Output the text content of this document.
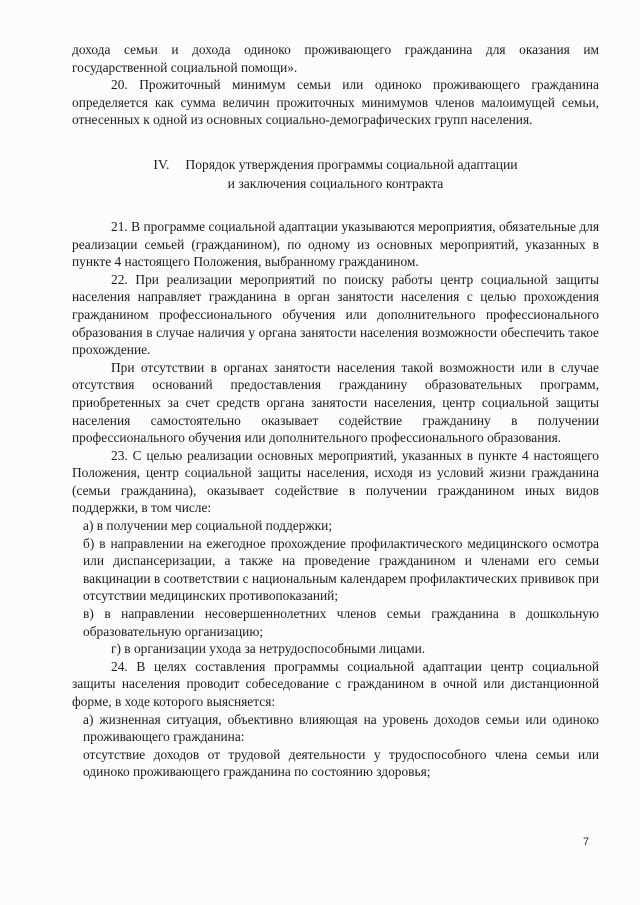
дохода семьи и дохода одиноко проживающего гражданина для оказания им государственной социальной помощи».

20. Прожиточный минимум семьи или одиноко проживающего гражданина определяется как сумма величин прожиточных минимумов членов малоимущей семьи, отнесенных к одной из основных социально-демографических групп населения.

IV. Порядок утверждения программы социальной адаптации
и заключения социального контракта

21. В программе социальной адаптации указываются мероприятия, обязательные для реализации семьей (гражданином), по одному из основных мероприятий, указанных в пункте 4 настоящего Положения, выбранному гражданином.

22. При реализации мероприятий по поиску работы центр социальной защиты населения направляет гражданина в орган занятости населения с целью прохождения гражданином профессионального обучения или дополнительного профессионального образования в случае наличия у органа занятости населения возможности обеспечить такое прохождение.

При отсутствии в органах занятости населения такой возможности или в случае отсутствия оснований предоставления гражданину образовательных программ, приобретенных за счет средств органа занятости населения, центр социальной защиты населения самостоятельно оказывает содействие гражданину в получении профессионального обучения или дополнительного профессионального образования.

23. С целью реализации основных мероприятий, указанных в пункте 4 настоящего Положения, центр социальной защиты населения, исходя из условий жизни гражданина (семьи гражданина), оказывает содействие в получении гражданином иных видов поддержки, в том числе:

а) в получении мер социальной поддержки;

б) в направлении на ежегодное прохождение профилактического медицинского осмотра или диспансеризации, а также на проведение гражданином и членами его семьи вакцинации в соответствии с национальным календарем профилактических прививок при отсутствии медицинских противопоказаний;

в) в направлении несовершеннолетних членов семьи гражданина в дошкольную образовательную организацию;

г) в организации ухода за нетрудоспособными лицами.

24. В целях составления программы социальной адаптации центр социальной защиты населения проводит собеседование с гражданином в очной или дистанционной форме, в ходе которого выясняется:

а) жизненная ситуация, объективно влияющая на уровень доходов семьи или одиноко проживающего гражданина:

отсутствие доходов от трудовой деятельности у трудоспособного члена семьи или одиноко проживающего гражданина по состоянию здоровья;

7
